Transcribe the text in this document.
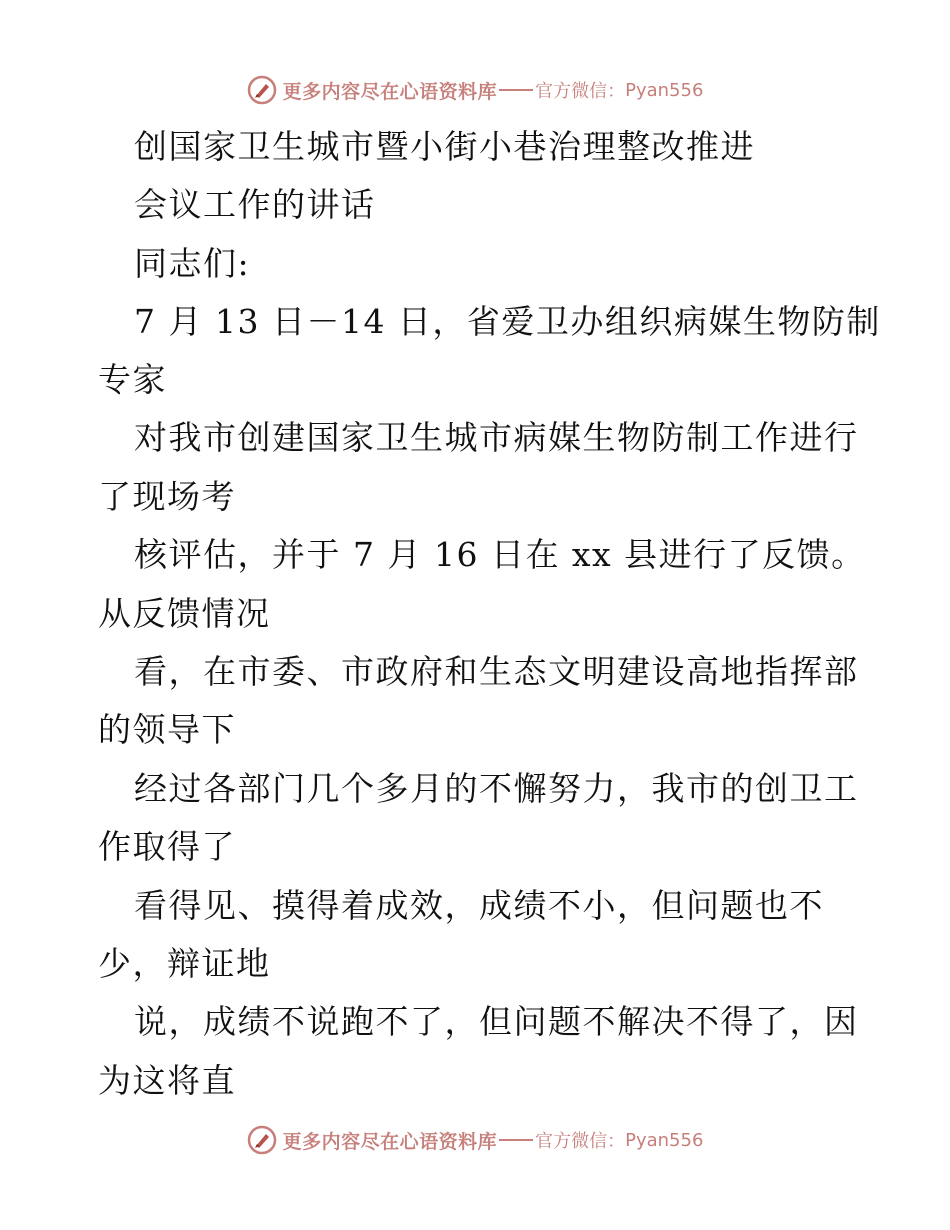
更多内容尽在心语资料库 官方微信： Pyan556
创国家卫生城市暨小街小巷治理整改推进
会议工作的讲话
同志们:
7 月 13 日－14 日，省爱卫办组织病媒生物防制
专家
对我市创建国家卫生城市病媒生物防制工作进行
了现场考
核评估，并于 7 月 16 日在 xx 县进行了反馈。
从反馈情况
看，在市委、市政府和生态文明建设高地指挥部
的领导下
经过各部门几个多月的不懈努力，我市的创卫工
作取得了
看得见、摸得着成效，成绩不小，但问题也不
少，辩证地
说，成绩不说跑不了，但问题不解决不得了，因
为这将直
更多内容尽在心语资料库 官方微信： Pyan556
